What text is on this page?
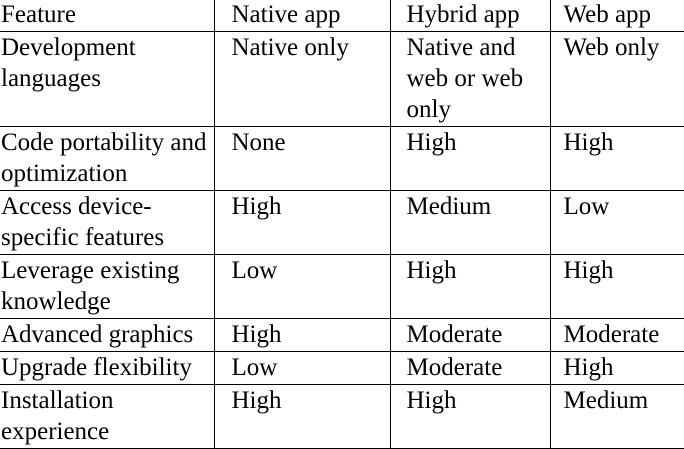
Feature	Native app	Hybrid app	Web app
Development languages	Native only	Native and web or web only	Web only
Code portability and optimization	None	High	High
Access device-specific features	High	Medium	Low
Leverage existing knowledge	Low	High	High
Advanced graphics	High	Moderate	Moderate
Upgrade flexibility	Low	Moderate	High
Installation experience	High	High	Medium
